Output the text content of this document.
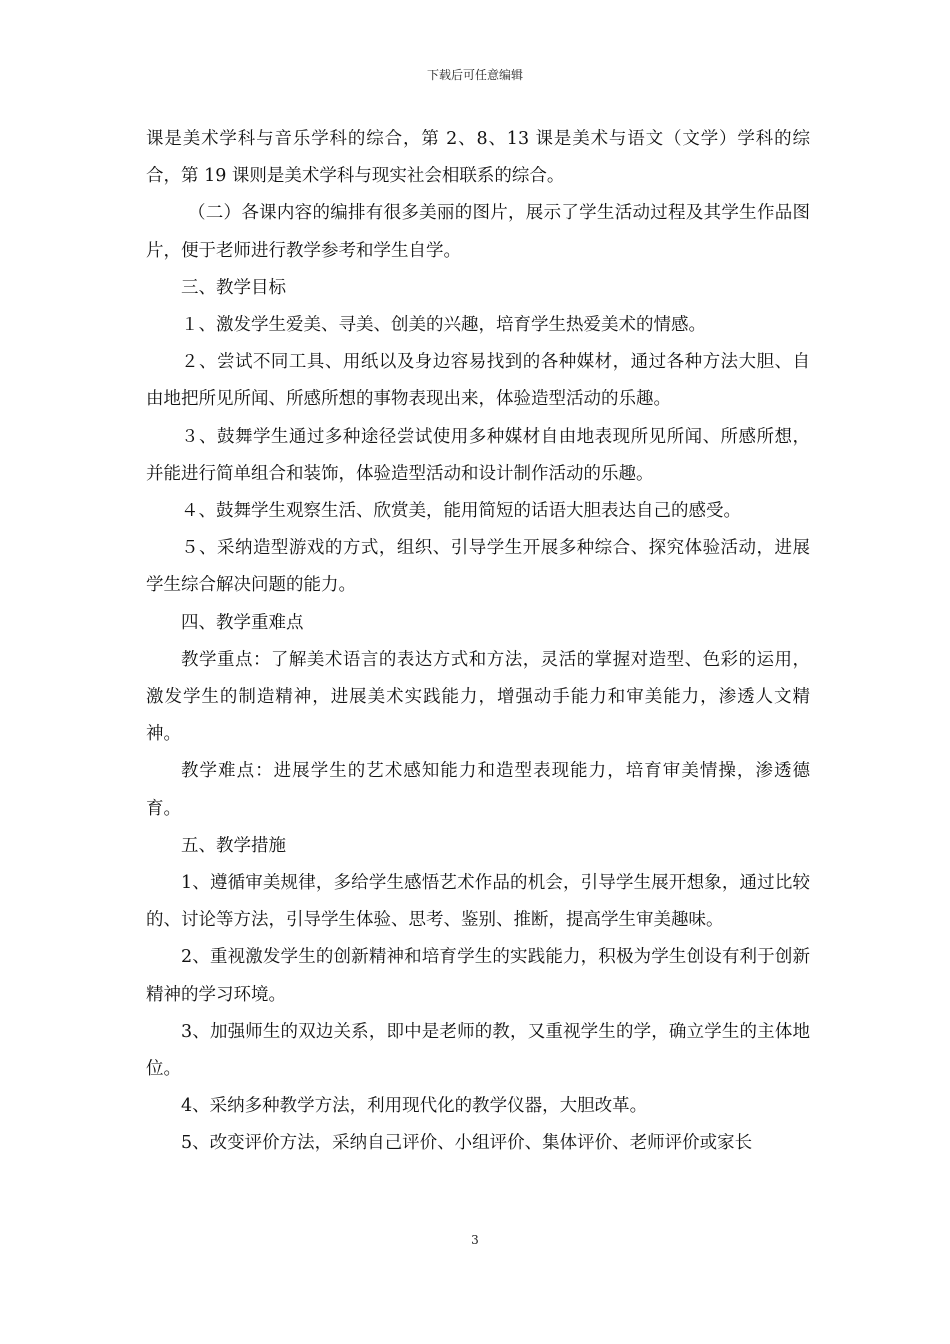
下载后可任意编辑

课是美术学科与音乐学科的综合，第 2、8、13 课是美术与语文（文学）学科的综合，第 19 课则是美术学科与现实社会相联系的综合。

（二）各课内容的编排有很多美丽的图片，展示了学生活动过程及其学生作品图片，便于老师进行教学参考和学生自学。

三、教学目标

１、激发学生爱美、寻美、创美的兴趣，培育学生热爱美术的情感。

２、尝试不同工具、用纸以及身边容易找到的各种媒材，通过各种方法大胆、自由地把所见所闻、所感所想的事物表现出来，体验造型活动的乐趣。

３、鼓舞学生通过多种途径尝试使用多种媒材自由地表现所见所闻、所感所想，并能进行简单组合和装饰，体验造型活动和设计制作活动的乐趣。

４、鼓舞学生观察生活、欣赏美，能用简短的话语大胆表达自己的感受。

５、采纳造型游戏的方式，组织、引导学生开展多种综合、探究体验活动，进展学生综合解决问题的能力。

四、教学重难点

教学重点：了解美术语言的表达方式和方法，灵活的掌握对造型、色彩的运用，激发学生的制造精神，进展美术实践能力，增强动手能力和审美能力，渗透人文精神。

教学难点：进展学生的艺术感知能力和造型表现能力，培育审美情操，渗透德育。

五、教学措施

1、遵循审美规律，多给学生感悟艺术作品的机会，引导学生展开想象，通过比较的、讨论等方法，引导学生体验、思考、鉴别、推断，提高学生审美趣味。

2、重视激发学生的创新精神和培育学生的实践能力，积极为学生创设有利于创新精神的学习环境。

3、加强师生的双边关系，即中是老师的教，又重视学生的学，确立学生的主体地位。

4、采纳多种教学方法，利用现代化的教学仪器，大胆改革。

5、改变评价方法，采纳自己评价、小组评价、集体评价、老师评价或家长

3
